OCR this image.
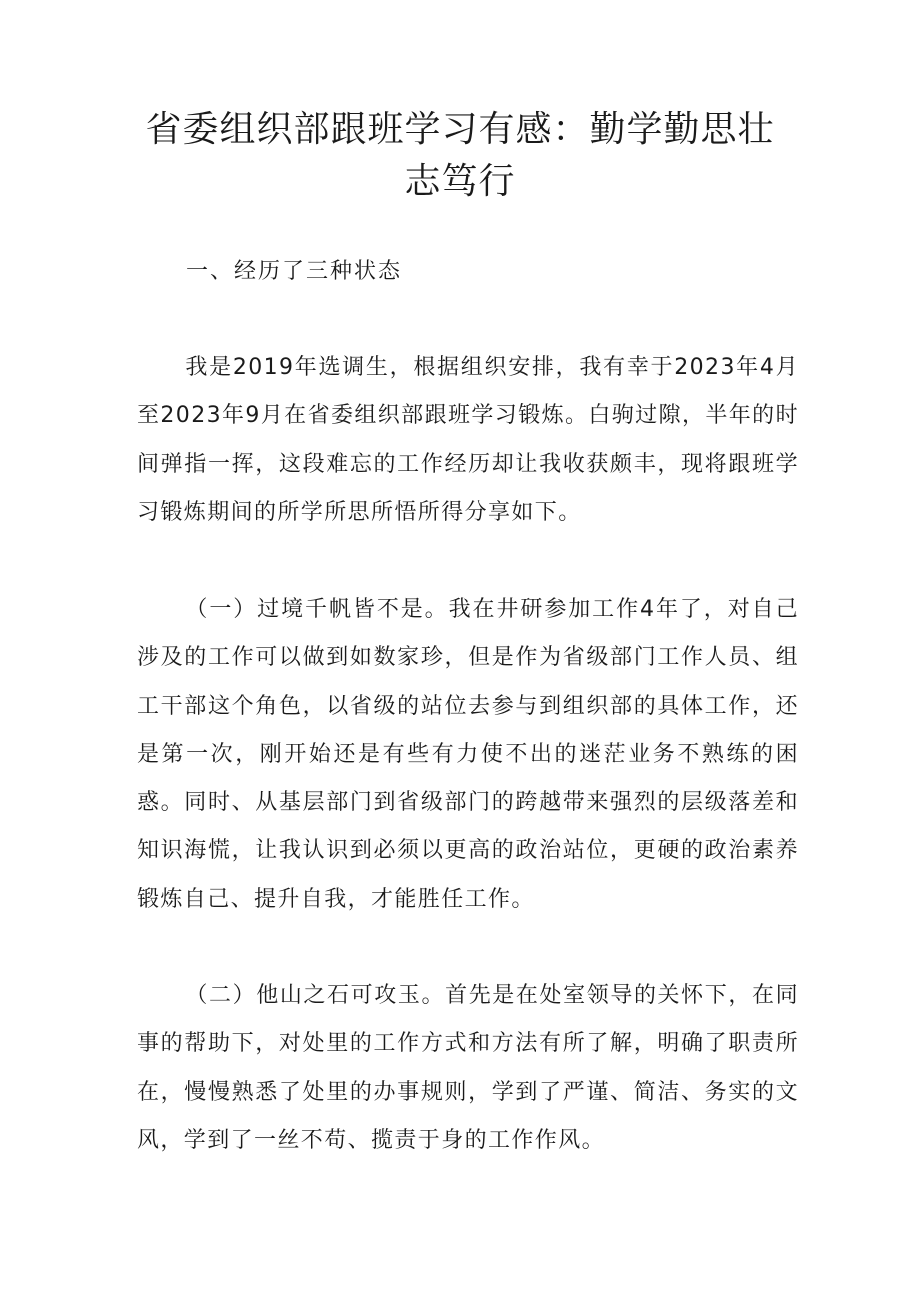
省委组织部跟班学习有感：勤学勤思壮志笃行

一、经历了三种状态

我是2019年选调生，根据组织安排，我有幸于2023年4月至2023年9月在省委组织部跟班学习锻炼。白驹过隙，半年的时间弹指一挥，这段难忘的工作经历却让我收获颇丰，现将跟班学习锻炼期间的所学所思所悟所得分享如下。

（一）过境千帆皆不是。我在井研参加工作4年了，对自己涉及的工作可以做到如数家珍，但是作为省级部门工作人员、组工干部这个角色，以省级的站位去参与到组织部的具体工作，还是第一次，刚开始还是有些有力使不出的迷茫业务不熟练的困惑。同时、从基层部门到省级部门的跨越带来强烈的层级落差和知识海慌，让我认识到必须以更高的政治站位，更硬的政治素养锻炼自己、提升自我，才能胜任工作。

（二）他山之石可攻玉。首先是在处室领导的关怀下，在同事的帮助下，对处里的工作方式和方法有所了解，明确了职责所在，慢慢熟悉了处里的办事规则，学到了严谨、简洁、务实的文风，学到了一丝不苟、揽责于身的工作作风。
